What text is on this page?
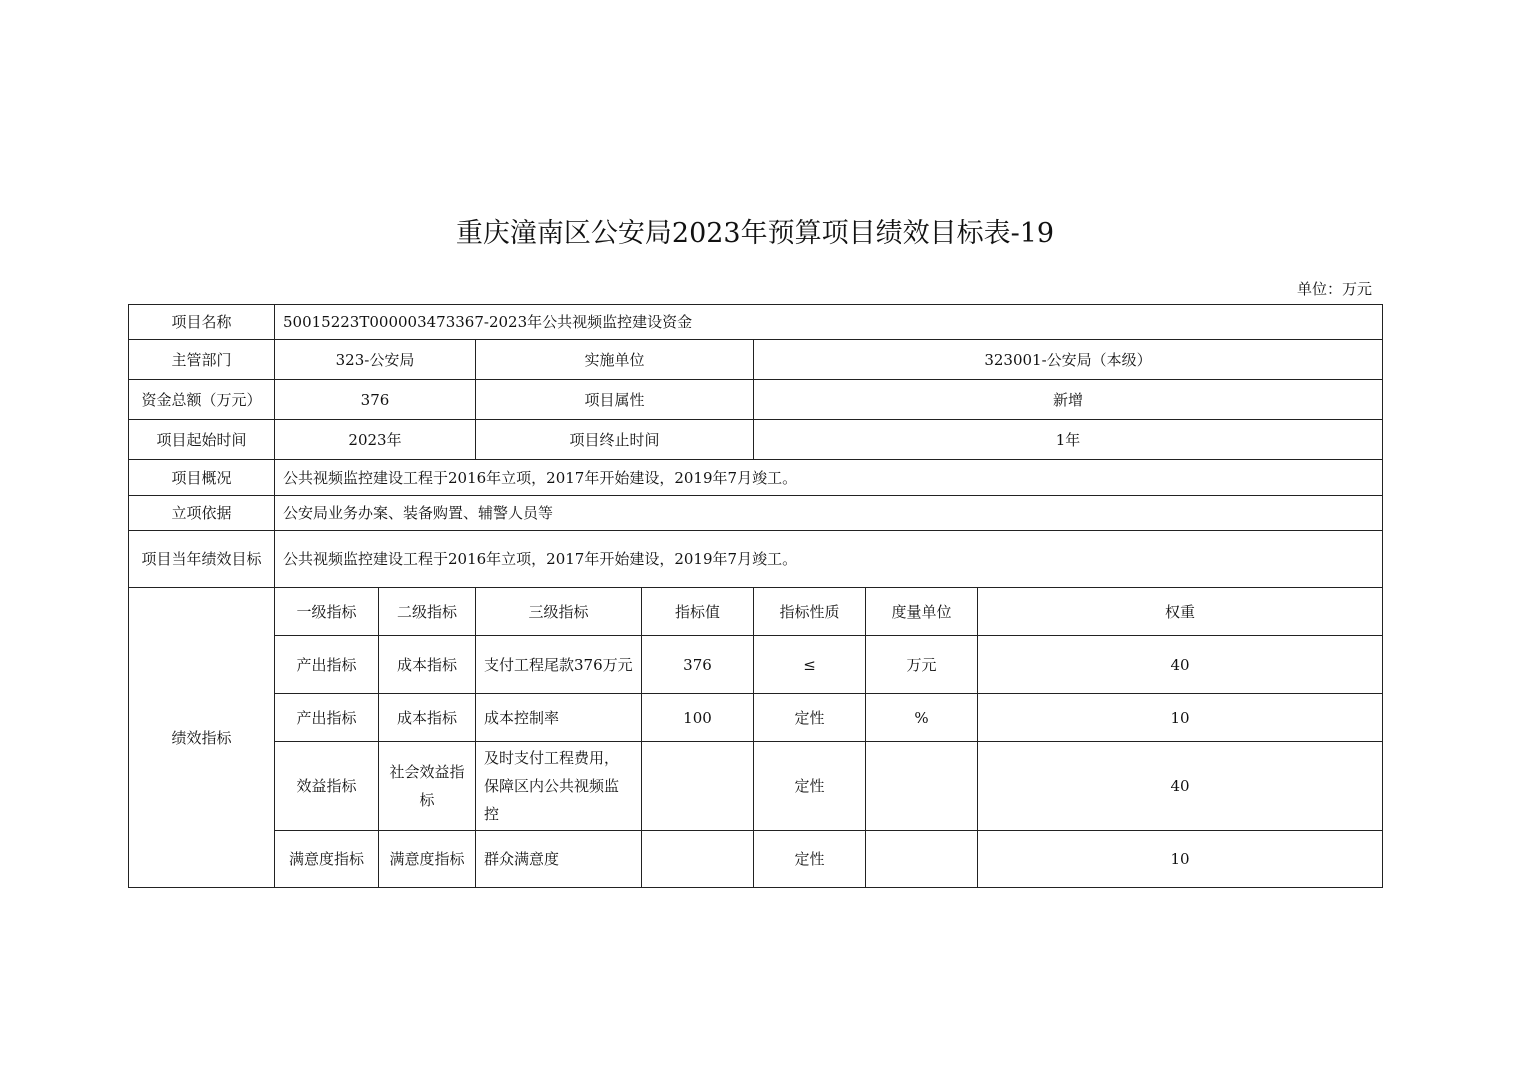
重庆潼南区公安局2023年预算项目绩效目标表-19
单位：万元
项目名称	50015223T000003473367-2023年公共视频监控建设资金						
主管部门	323-公安局		实施单位		323001-公安局（本级）		
资金总额（万元）	376		项目属性		新增		
项目起始时间	2023年		项目终止时间		1年		
项目概况	公共视频监控建设工程于2016年立项，2017年开始建设，2019年7月竣工。						
立项依据	公安局业务办案、装备购置、辅警人员等						
项目当年绩效目标	公共视频监控建设工程于2016年立项，2017年开始建设，2019年7月竣工。						
绩效指标	一级指标	二级指标	三级指标	指标值	指标性质	度量单位	权重
	产出指标	成本指标	支付工程尾款376万元	376	≤	万元	40
	产出指标	成本指标	成本控制率	100	定性	%	10
	效益指标	社会效益指标	及时支付工程费用，保障区内公共视频监控		定性		40
	满意度指标	满意度指标	群众满意度		定性		10
